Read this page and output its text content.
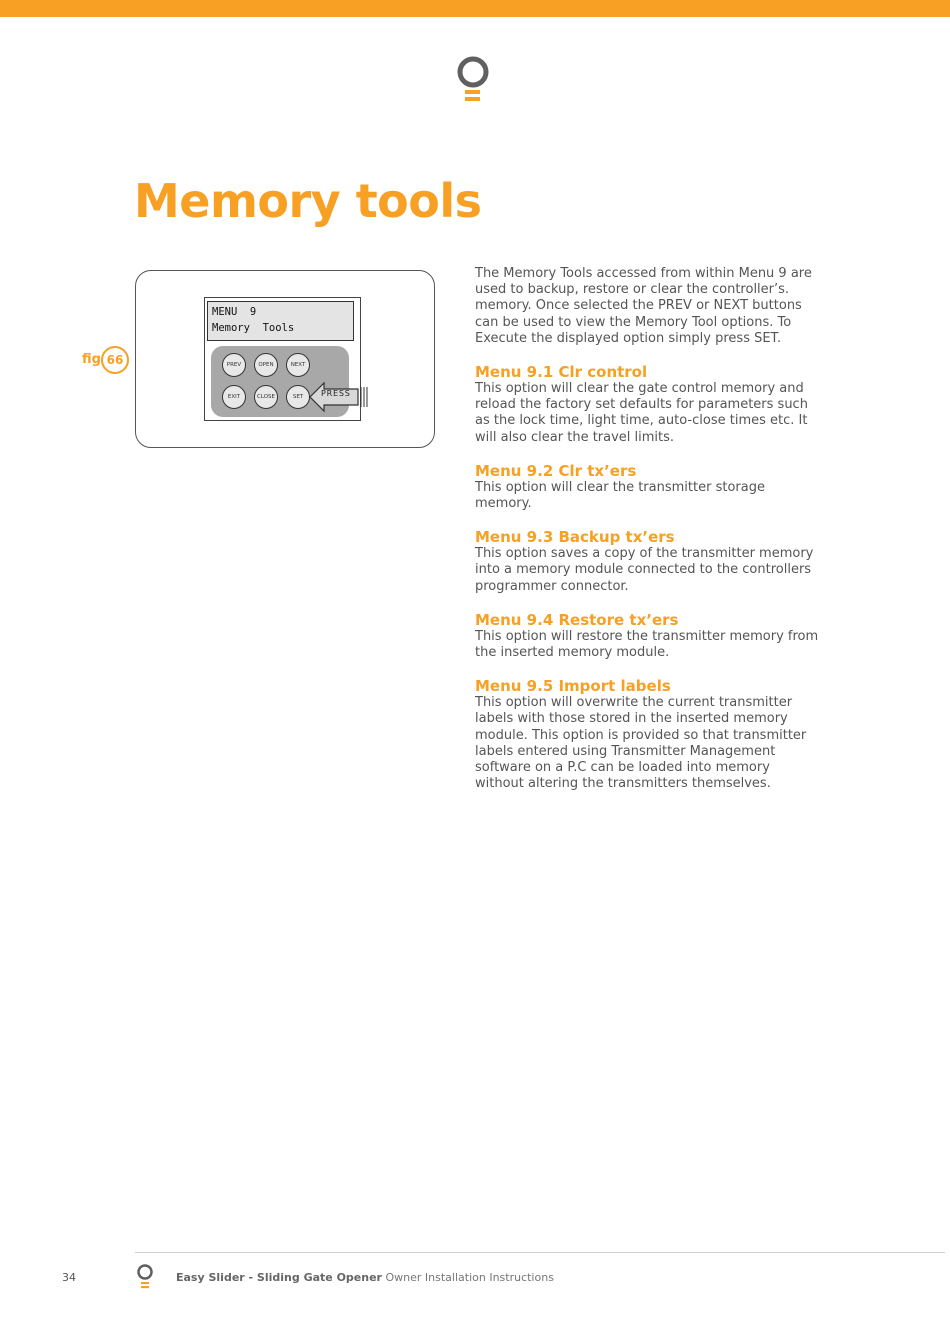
Memory tools
fig 66
MENU  9
Memory  Tools
PREV	OPEN	NEXT
EXIT	CLOSE	SET	PRESS

The Memory Tools accessed from within Menu 9 are used to backup, restore or clear the controller’s. memory. Once selected the PREV or NEXT buttons can be used to view the Memory Tool options. To Execute the displayed option simply press SET.

Menu 9.1 Clr control

This option will clear the gate control memory and reload the factory set defaults for parameters such as the lock time, light time, auto-close times etc. It will also clear the travel limits.

Menu 9.2 Clr tx’ers

This option will clear the transmitter storage memory.

Menu 9.3 Backup tx’ers

This option saves a copy of the transmitter memory into a memory module connected to the controllers programmer connector.

Menu 9.4 Restore tx’ers

This option will restore the transmitter memory from the inserted memory module.

Menu 9.5 Import labels

This option will overwrite the current transmitter labels with those stored in the inserted memory module. This option is provided so that transmitter labels entered using Transmitter Management software on a P.C can be loaded into memory without altering the transmitters themselves.

34	Easy Slider - Sliding Gate Opener Owner Installation Instructions
